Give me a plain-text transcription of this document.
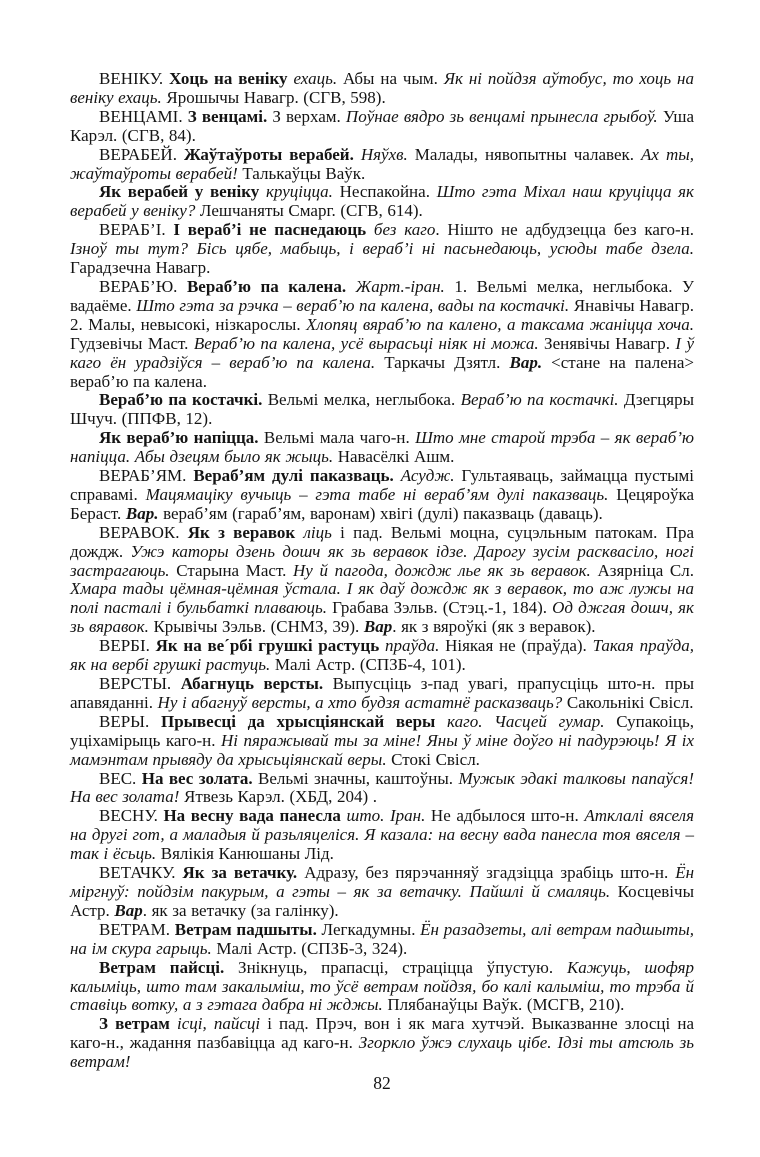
ВЕНІКУ. Хоць на веніку ехаць. Абы на чым. Як ні пойдзя аўтобус, то хоць на веніку ехаць. Ярошычы Навагр. (СГВ, 598).

ВЕНЦАМІ. З венцамі. З верхам. Поўнае вядро зь венцамі прынесла грыбоў. Уша Карэл. (СГВ, 84).

ВЕРАБЕЙ. Жаўтаўроты верабей. Няўхв. Малады, нявопытны чалавек. Ах ты, жаўтаўроты верабей! Талькаўцы Ваўк.

Як верабей у веніку круціцца. Неспакойна. Што гэта Міхал наш круціцца як верабей у веніку? Лешчаняты Смарг. (СГВ, 614).

ВЕРАБ’І. І вераб’і не паснедаюць без каго. Нішто не адбудзецца без каго-н. Ізноў ты тут? Бісь цябе, мабыць, і вераб’і ні пасьнедаюць, усюды табе дзела. Гарадзечна Навагр.

ВЕРАБ’Ю. Вераб’ю па калена. Жарт.-іран. 1. Вельмі мелка, неглыбока. У вадаёме. Што гэта за рэчка – вераб’ю па калена, вады па костачкі. Янавічы Навагр. 2. Малы, невысокі, нізкарослы. Хлопяц вяраб’ю па калено, а таксама жаніцца хоча. Гудзевічы Маст. Вераб’ю па калена, усё вырасьці ніяк ні можа. Зенявічы Навагр. І ў каго ён урадзіўся – вераб’ю па калена. Таркачы Дзятл. Вар. <стане на палена> вераб’ю па калена.

Вераб’ю па костачкі. Вельмі мелка, неглыбока. Вераб’ю па костачкі. Дзегцяры Шчуч. (ППФВ, 12).

Як вераб’ю напіцца. Вельмі мала чаго-н. Што мне старой трэба – як вераб’ю напіцца. Абы дзецям было як жыць. Навасёлкі Ашм.

ВЕРАБ’ЯМ. Вераб’ям дулі паказваць. Асудж. Гультаяваць, займацца пустымі справамі. Мацямаціку вучыць – гэта табе ні вераб’ям дулі паказваць. Цецяроўка Бераст. Вар. вераб’ям (гараб’ям, варонам) хвігі (дулі) паказваць (даваць).

ВЕРАВОК. Як з веравок ліць і пад. Вельмі моцна, суцэльным патокам. Пра дождж. Ужэ каторы дзень дошч як зь веравок ідзе. Дарогу зусім расквасіло, ногі застрагаюць. Старына Маст. Ну й пагода, дождж лье як зь веравок. Азярніца Сл. Хмара тады цёмная-цёмная ўстала. І як даў дождж як з веравок, то аж лужы на полі пасталі і бульбаткі плаваюць. Грабава Зэльв. (Стэц.-1, 184). Од джгая дошч, як зь вяравок. Крывічы Зэльв. (СНМЗ, 39). Вар. як з вяроўкі (як з веравок).

ВЕРБІ. Як на ве´рбі грушкі растуць праўда. Ніякая не (праўда). Такая праўда, як на вербі грушкі растуць. Малі Астр. (СПЗБ-4, 101).

ВЕРСТЫ. Абагнуць версты. Выпусціць з-пад увагі, прапусціць што-н. пры апавяданні. Ну і абагнуў версты, а хто будзя астатнё расказваць? Сакольнікі Свісл.

ВЕРЫ. Прывесці да хрысціянскай веры каго. Часцей гумар. Супакоіць, уціхамірыць каго-н. Ні пяражывай ты за міне! Яны ў міне доўго ні падурэюць! Я іх мамэнтам прывяду да хрысьціянскай веры. Стокі Свісл.

ВЕС. На вес золата. Вельмі значны, каштоўны. Мужык эдакі талковы папаўся! На вес золата! Ятвезь Карэл. (ХБД, 204) .

ВЕСНУ. На весну вада панесла што. Іран. Не адбылося што-н. Атклалі вяселя на другі гот, а маладыя й разьляцеліся. Я казала: на весну вада панесла тоя вяселя – так і ёсьць. Вялікія Канюшаны Лід.

ВЕТАЧКУ. Як за ветачку. Адразу, без пярэчанняў згадзіцца зрабіць што-н. Ён міргнуў: пойдзім пакурым, а гэты – як за ветачку. Пайшлі й смаляць. Косцевічы Астр. Вар. як за ветачку (за галінку).

ВЕТРАМ. Ветрам падшыты. Легкадумны. Ён разадзеты, алі ветрам падшыты, на ім скура гарыць. Малі Астр. (СПЗБ-3, 324).

Ветрам пайсці. Знікнуць, прапасці, страціцца ўпустую. Кажуць, шофяр калыміць, што там закалыміш, то ўсё ветрам пойдзя, бо калі калыміш, то трэба й ставіць вотку, а з гэтага дабра ні жджы. Плябанаўцы Ваўк. (МСГВ, 210).

З ветрам ісці, пайсці і пад. Прэч, вон і як мага хутчэй. Выказванне злосці на каго-н., жадання пазбавіцца ад каго-н. Згоркло ўжэ слухаць цібе. Ідзі ты атсюль зь ветрам!

82
